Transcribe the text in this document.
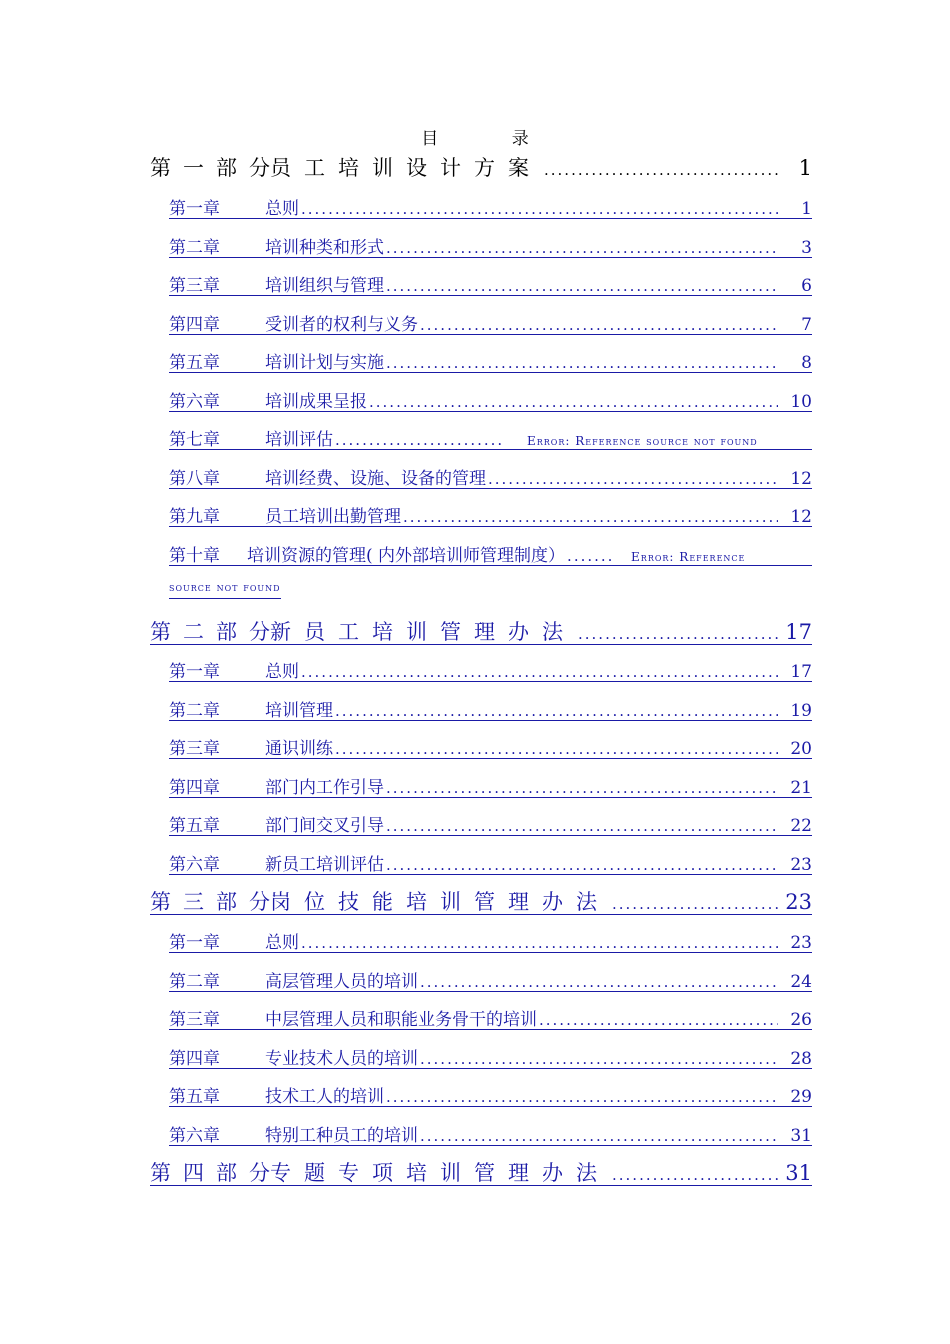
目 录
第一部分
员工培训设计方案 .....	1
第一章	总则 .....	1
第二章	培训种类和形式 .....	3
第三章	培训组织与管理 .....	6
第四章	受训者的权利与义务 .....	7
第五章	培训计划与实施 .....	8
第六章	培训成果呈报 .....	10
第七章	培训评估 .....	Error: Reference source not found
第八章	培训经费、设施、设备的管理 .....	12
第九章	员工培训出勤管理 .....	12
第十章	培训资源的管理( 内外部培训师管理制度） .....	Error: Reference
source not found
第二部分
新员工培训管理办法 .....	17
第一章	总则 .....	17
第二章	培训管理 .....	19
第三章	通识训练 .....	20
第四章	部门内工作引导 .....	21
第五章	部门间交叉引导 .....	22
第六章	新员工培训评估 .....	23
第三部分
岗位技能培训管理办法 .....	23
第一章	总则 .....	23
第二章	高层管理人员的培训 .....	24
第三章	中层管理人员和职能业务骨干的培训 .....	26
第四章	专业技术人员的培训 .....	28
第五章	技术工人的培训 .....	29
第六章	特别工种员工的培训 .....	31
第四部分
专题专项培训管理办法 .....	31
